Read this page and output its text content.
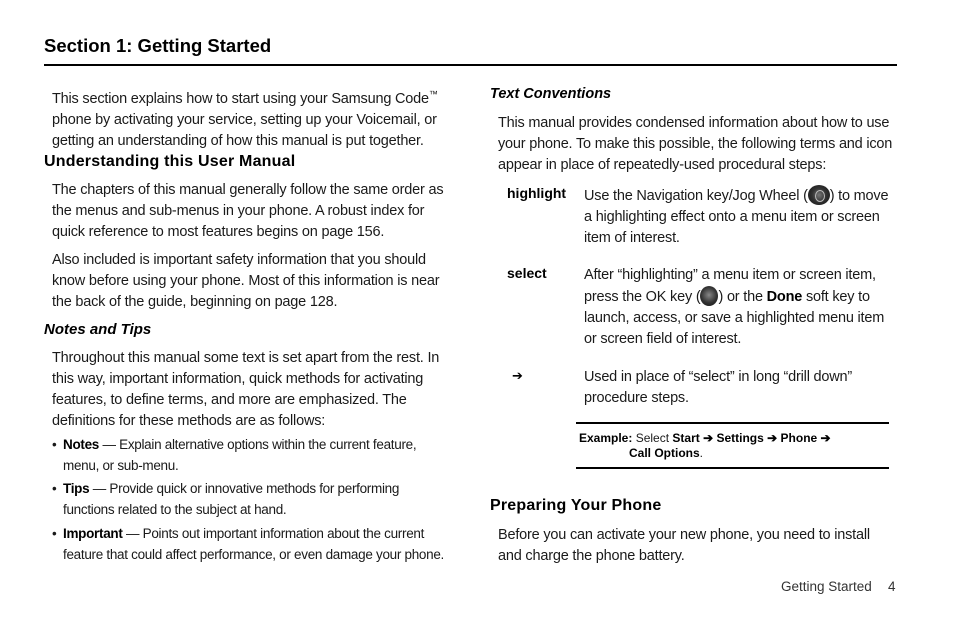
Section 1: Getting Started
This section explains how to start using your Samsung Code™
phone by activating your service, setting up your Voicemail, or getting an understanding of how this manual is put together.
Understanding this User Manual

The chapters of this manual generally follow the same order as the menus and sub-menus in your phone. A robust index for quick reference to most features begins on page 156.

Also included is important safety information that you should know before using your phone. Most of this information is near the back of the guide, beginning on page 128.

Notes and Tips

Throughout this manual some text is set apart from the rest. In this way, important information, quick methods for activating features, to define terms, and more are emphasized. The definitions for these methods are as follows:

• Notes — Explain alternative options within the current feature, menu, or sub-menu.
• Tips — Provide quick or innovative methods for performing functions related to the subject at hand.
• Important — Points out important information about the current feature that could affect performance, or even damage your phone.
Text Conventions

This manual provides condensed information about how to use your phone. To make this possible, the following terms and icon appear in place of repeatedly-used procedural steps:

highlight Use the Navigation key/Jog Wheel ( ) to move a highlighting effect onto a menu item or screen item of interest.
select	After “highlighting” a menu item or screen item, press the OK key ( ) or the Done soft key to launch, access, or save a highlighted menu item or screen field of interest.
➔	Used in place of “select” in long “drill down” procedure steps.
Example: Select Start ➔ Settings ➔ Phone ➔
Call Options.
Preparing Your Phone

Before you can activate your new phone, you need to install and charge the phone battery.

Getting Started 4
